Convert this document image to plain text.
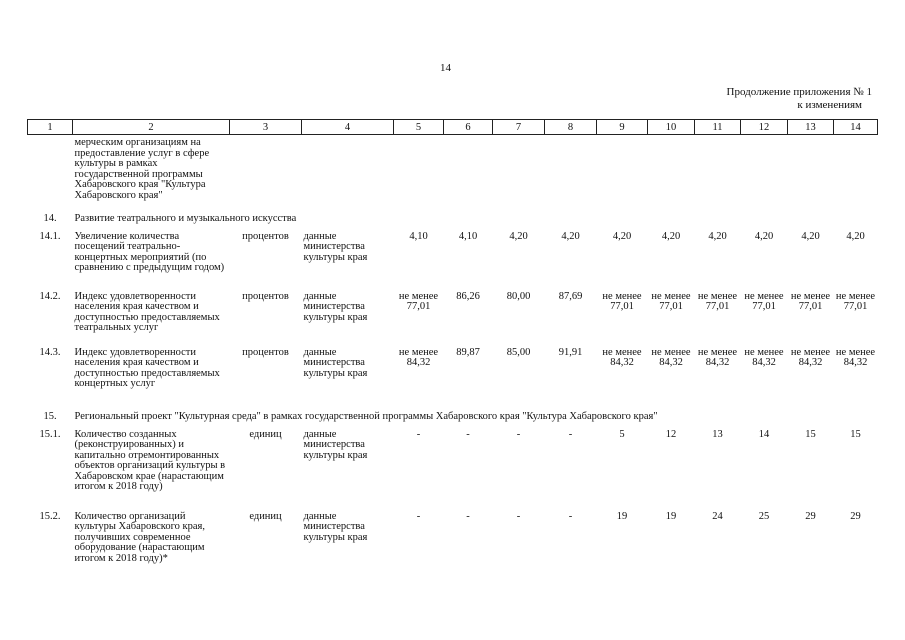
14
Продолжение приложения № 1
к изменениям
1	2	3	4	5	6	7	8	9	10	11	12	13	14
	мерческим организациям на предоставление услуг в сфере культуры в рамках государственной программы Хабаровского края "Культура Хабаровского края"												
14.	Развитие театрального и музыкального искусства												
14.1.	Увеличение количества посещений театрально-концертных мероприятий (по сравнению с предыдущим годом)	процентов	данные министерства культуры края	4,10	4,10	4,20	4,20	4,20	4,20	4,20	4,20	4,20	4,20
14.2.	Индекс удовлетворенности населения края качеством и доступностью предоставляемых театральных услуг	процентов	данные министерства культуры края	не менее 77,01	86,26	80,00	87,69	не менее 77,01	не менее 77,01	не менее 77,01	не менее 77,01	не менее 77,01	не менее 77,01
14.3.	Индекс удовлетворенности населения края качеством и доступностью предоставляемых концертных услуг	процентов	данные министерства культуры края	не менее 84,32	89,87	85,00	91,91	не менее 84,32	не менее 84,32	не менее 84,32	не менее 84,32	не менее 84,32	не менее 84,32
15.	Региональный проект "Культурная среда" в рамках государственной программы Хабаровского края "Культура Хабаровского края"												
15.1.	Количество созданных (реконструированных) и капитально отремонтированных объектов организаций культуры в Хабаровском крае (нарастающим итогом к 2018 году)	единиц	данные министерства культуры края	-	-	-	-	5	12	13	14	15	15
15.2.	Количество организаций культуры Хабаровского края, получивших современное оборудование (нарастающим итогом к 2018 году)*	единиц	данные министерства культуры края	-	-	-	-	19	19	24	25	29	29
